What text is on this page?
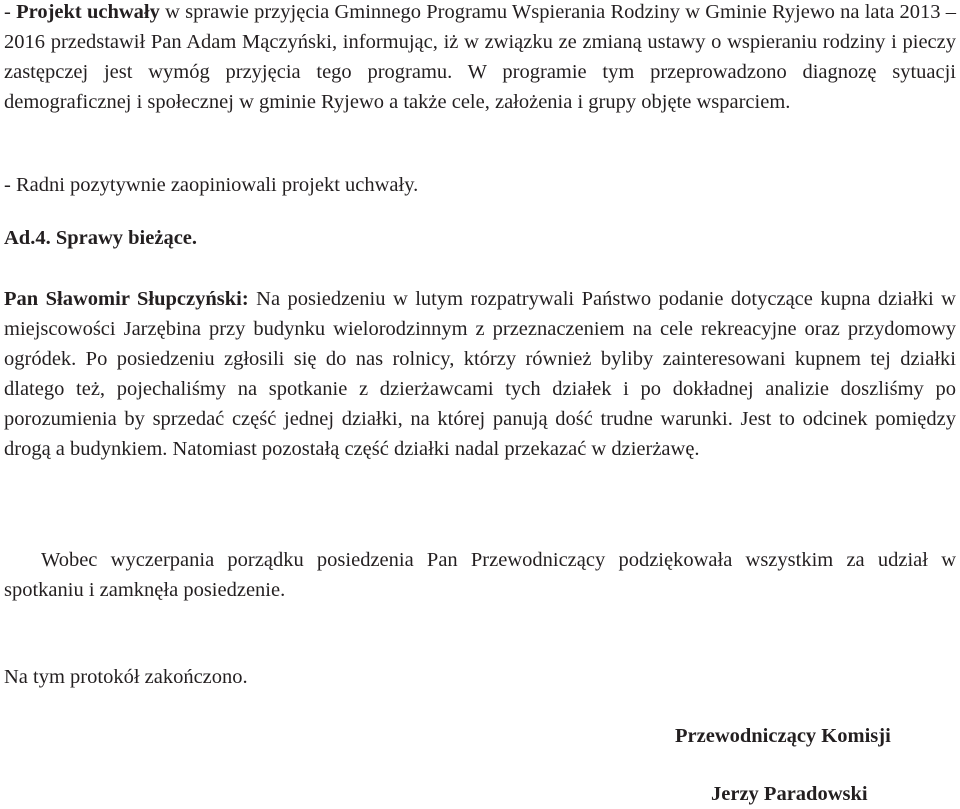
- Projekt uchwały w sprawie przyjęcia Gminnego Programu Wspierania Rodziny w Gminie Ryjewo na lata 2013 – 2016 przedstawił Pan Adam Mączyński, informując, iż w związku ze zmianą ustawy o wspieraniu rodziny i pieczy zastępczej jest wymóg przyjęcia tego programu. W programie tym przeprowadzono diagnozę sytuacji demograficznej i społecznej w gminie Ryjewo a także cele, założenia i grupy objęte wsparciem.

- Radni pozytywnie zaopiniowali projekt uchwały.

Ad.4. Sprawy bieżące.

Pan Sławomir Słupczyński: Na posiedzeniu w lutym rozpatrywali Państwo podanie dotyczące kupna działki w miejscowości Jarzębina przy budynku wielorodzinnym z przeznaczeniem na cele rekreacyjne oraz przydomowy ogródek. Po posiedzeniu zgłosili się do nas rolnicy, którzy również byliby zainteresowani kupnem tej działki dlatego też, pojechaliśmy na spotkanie z dzierżawcami tych działek i po dokładnej analizie doszliśmy po porozumienia by sprzedać część jednej działki, na której panują dość trudne warunki. Jest to odcinek pomiędzy drogą a budynkiem. Natomiast pozostałą część działki nadal przekazać w dzierżawę.

Wobec wyczerpania porządku posiedzenia Pan Przewodniczący podziękowała wszystkim za udział w spotkaniu i zamknęła posiedzenie.

Na tym protokół zakończono.

Przewodniczący Komisji
Jerzy Paradowski
